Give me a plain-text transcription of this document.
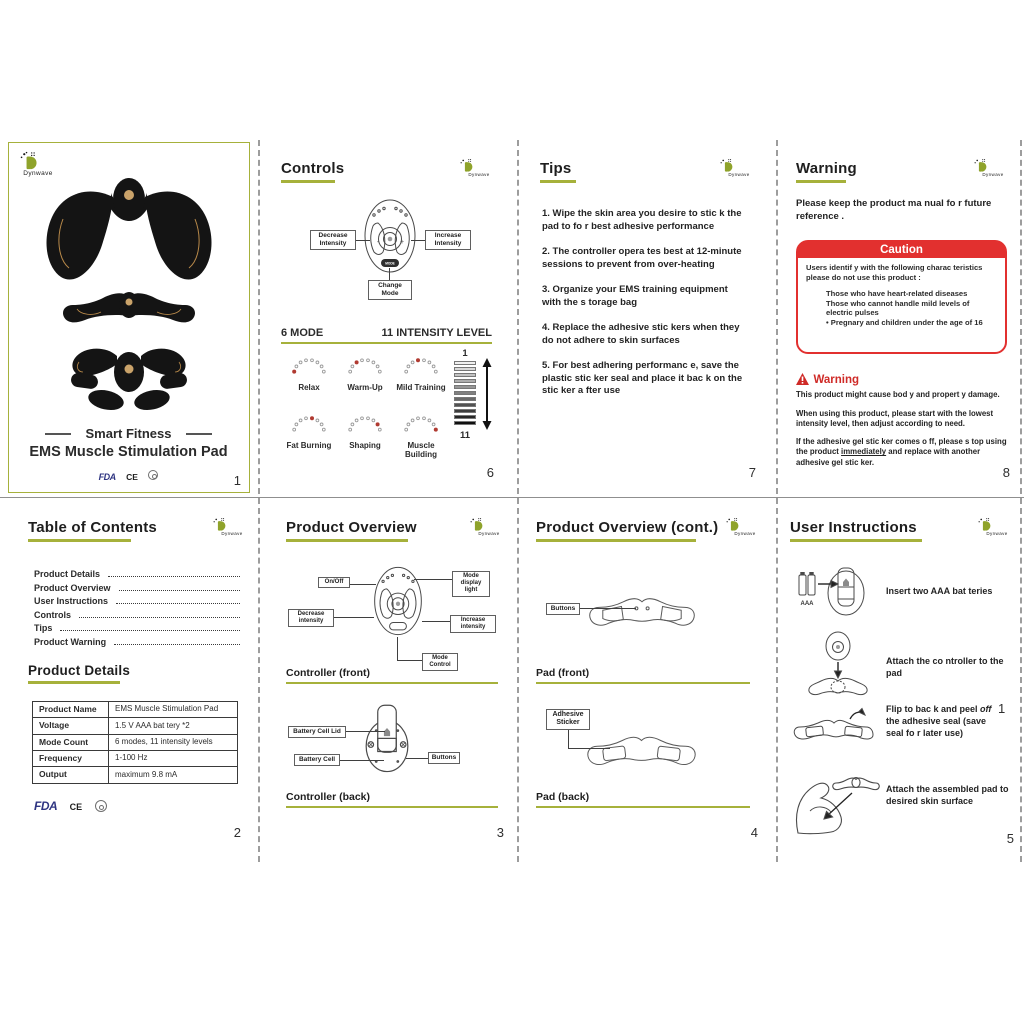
Dynwave
Smart Fitness
EMS Muscle Stimulation Pad
FDA CE	1
Controls	Dynwave
-	+
MODE
Decrease Intensity
Increase Intensity
Change Mode
6 MODE	11 INTENSITY LEVEL
Relax	Warm-Up	Mild Training
Fat Burning	Shaping	Muscle Building
1
11
6
Tips	Dynwave

1. Wipe the skin area you desire to stic k the pad to fo r best adhesive performance

2. The controller opera tes best at 12-minute sessions to prevent from over-heating

3. Organize your EMS training equipment with the s torage bag

4. Replace the adhesive stic kers when they do not adhere to skin surfaces

5. For best adhering performanc e, save the plastic stic ker seal and place it bac k on the stic ker a fter use

7
Warning	Dynwave
Please keep the product ma nual fo r future reference .
Caution
Users identif y with the following charac teristics please do not use this product :
Those who have heart-related diseases
Those who cannot handle mild levels of electric pulses
• Pregnary and children under the age of 16
Warning
This product might cause bod y and propert y damage.
When using this product, please start with the lowest intensity level, then adjust according to need.
If the adhesive gel stic ker comes o ff, please s top using the product immediately and replace with another adhesive gel stic ker.
8
Table of Contents	Dynwave
Product Details
Product Overview
User Instructions
Controls
Tips
Product Warning
Product Details
Product Name	EMS Muscle Stimulation Pad
Voltage	1.5 V AAA bat tery *2
Mode Count	6 modes, 11 intensity levels
Frequency	1-100 Hz
Output	maximum 9.8 mA
FDA CE
2
Product Overview	Dynwave
On/Off
Mode display light
Decrease intensity	Increase intensity
Mode Control
Controller (front)
Battery Cell Lid
Battery Cell	Buttons
Controller (back)
3
Product Overview (cont.)	Dynwave
Buttons
Pad (front)
Adhesive Sticker
Pad (back)
4
User Instructions	Dynwave
AAA
Insert two AAA bat teries
Attach the co ntroller to the pad
Flip to bac k and peel off the adhesive seal (save seal fo r later use)
1
Attach the assembled pad to desired skin surface
5
